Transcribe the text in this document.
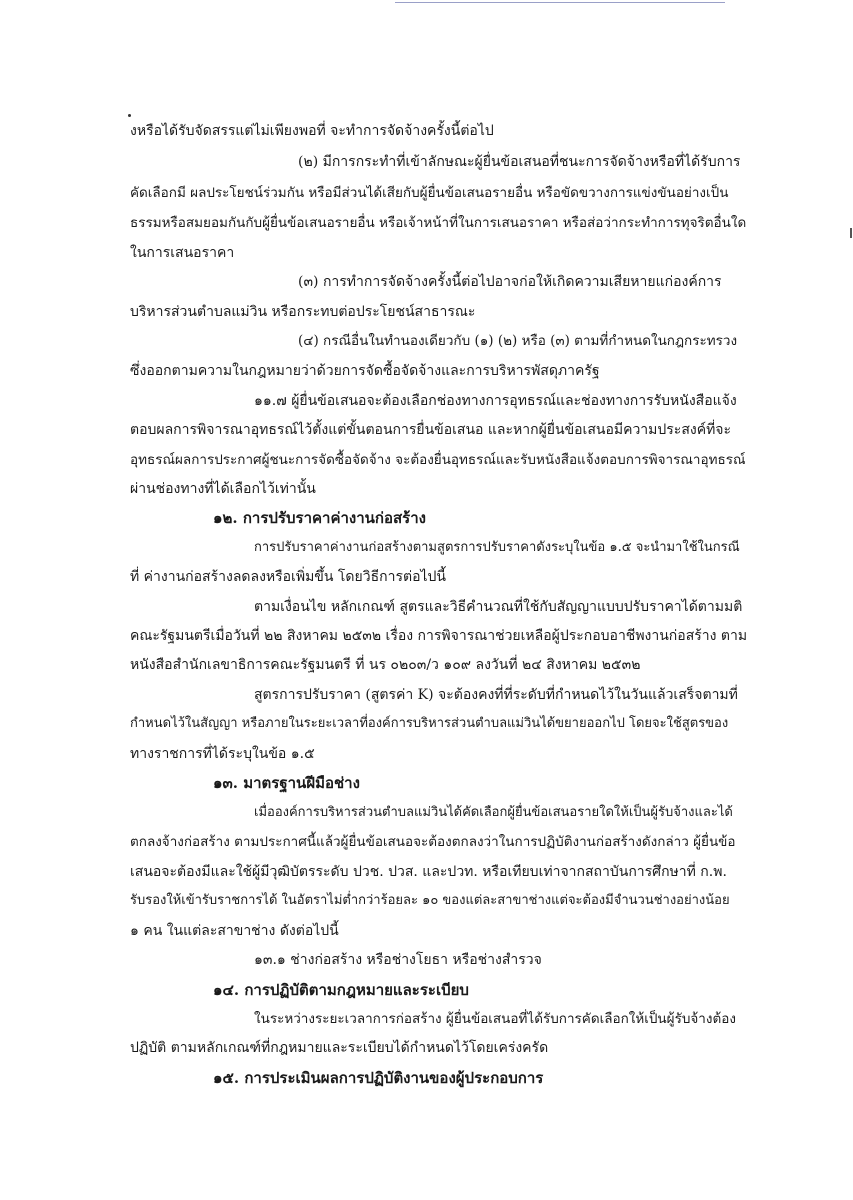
งหรือได้รับจัดสรรแต่ไม่เพียงพอที่ จะทำการจัดจ้างครั้งนี้ต่อไป
(๒) มีการกระทำที่เข้าลักษณะผู้ยื่นข้อเสนอที่ชนะการจัดจ้างหรือที่ได้รับการ
คัดเลือกมี ผลประโยชน์ร่วมกัน หรือมีส่วนได้เสียกับผู้ยื่นข้อเสนอรายอื่น หรือขัดขวางการแข่งขันอย่างเป็น
ธรรมหรือสมยอมกันกับผู้ยื่นข้อเสนอรายอื่น หรือเจ้าหน้าที่ในการเสนอราคา หรือส่อว่ากระทำการทุจริตอื่นใด
ในการเสนอราคา
(๓) การทำการจัดจ้างครั้งนี้ต่อไปอาจก่อให้เกิดความเสียหายแก่องค์การ
บริหารส่วนตำบลแม่วิน หรือกระทบต่อประโยชน์สาธารณะ
(๔) กรณีอื่นในทำนองเดียวกับ (๑) (๒) หรือ (๓) ตามที่กำหนดในกฎกระทรวง
ซึ่งออกตามความในกฎหมายว่าด้วยการจัดซื้อจัดจ้างและการบริหารพัสดุภาครัฐ
๑๑.๗ ผู้ยื่นข้อเสนอจะต้องเลือกช่องทางการอุทธรณ์และช่องทางการรับหนังสือแจ้ง
ตอบผลการพิจารณาอุทธรณ์ไว้ตั้งแต่ขั้นตอนการยื่นข้อเสนอ และหากผู้ยื่นข้อเสนอมีความประสงค์ที่จะ
อุทธรณ์ผลการประกาศผู้ชนะการจัดซื้อจัดจ้าง จะต้องยื่นอุทธรณ์และรับหนังสือแจ้งตอบการพิจารณาอุทธรณ์
ผ่านช่องทางที่ได้เลือกไว้เท่านั้น
๑๒. การปรับราคาค่างานก่อสร้าง
การปรับราคาค่างานก่อสร้างตามสูตรการปรับราคาดังระบุในข้อ ๑.๕ จะนำมาใช้ในกรณี
ที่ ค่างานก่อสร้างลดลงหรือเพิ่มขึ้น โดยวิธีการต่อไปนี้
ตามเงื่อนไข หลักเกณฑ์ สูตรและวิธีคำนวณที่ใช้กับสัญญาแบบปรับราคาได้ตามมติ
คณะรัฐมนตรีเมื่อวันที่ ๒๒ สิงหาคม ๒๕๓๒ เรื่อง การพิจารณาช่วยเหลือผู้ประกอบอาชีพงานก่อสร้าง ตาม
หนังสือสำนักเลขาธิการคณะรัฐมนตรี ที่ นร ๐๒๐๓/ว ๑๐๙ ลงวันที่ ๒๔ สิงหาคม ๒๕๓๒
สูตรการปรับราคา (สูตรค่า K) จะต้องคงที่ที่ระดับที่กำหนดไว้ในวันแล้วเสร็จตามที่
กำหนดไว้ในสัญญา หรือภายในระยะเวลาที่องค์การบริหารส่วนตำบลแม่วินได้ขยายออกไป โดยจะใช้สูตรของ
ทางราชการที่ได้ระบุในข้อ ๑.๕
๑๓. มาตรฐานฝีมือช่าง
เมื่อองค์การบริหารส่วนตำบลแม่วินได้คัดเลือกผู้ยื่นข้อเสนอรายใดให้เป็นผู้รับจ้างและได้
ตกลงจ้างก่อสร้าง ตามประกาศนี้แล้วผู้ยื่นข้อเสนอจะต้องตกลงว่าในการปฏิบัติงานก่อสร้างดังกล่าว ผู้ยื่นข้อ
เสนอจะต้องมีและใช้ผู้มีวุฒิบัตรระดับ ปวช. ปวส. และปวท. หรือเทียบเท่าจากสถาบันการศึกษาที่ ก.พ.
รับรองให้เข้ารับราชการได้ ในอัตราไม่ต่ำกว่าร้อยละ ๑๐ ของแต่ละสาขาช่างแต่จะต้องมีจำนวนช่างอย่างน้อย
๑ คน ในแต่ละสาขาช่าง ดังต่อไปนี้
๑๓.๑ ช่างก่อสร้าง หรือช่างโยธา หรือช่างสำรวจ
๑๔. การปฏิบัติตามกฎหมายและระเบียบ
ในระหว่างระยะเวลาการก่อสร้าง ผู้ยื่นข้อเสนอที่ได้รับการคัดเลือกให้เป็นผู้รับจ้างต้อง
ปฏิบัติ ตามหลักเกณฑ์ที่กฎหมายและระเบียบได้กำหนดไว้โดยเคร่งครัด
๑๕. การประเมินผลการปฏิบัติงานของผู้ประกอบการ
